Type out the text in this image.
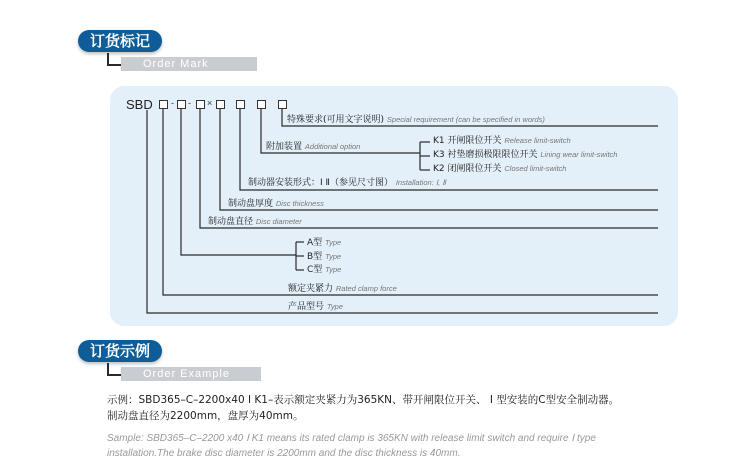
订货标记
Order Mark
SBD - - ×
特殊要求(可用文字说明) Special requirement (can be specified in words)
附加装置 Additional option
K1 开闸限位开关 Release limit-switch
K3 衬垫磨损极限限位开关 Lining wear limit-switch
K2 闭闸限位开关 Closed limit-switch
制动器安装形式：Ⅰ Ⅱ（参见尺寸图） Installation: Ⅰ, Ⅱ
制动盘厚度 Disc thickness
制动盘直径 Disc diameter
A型 Type
B型 Type
C型 Type
额定夹紧力 Rated clamp force
产品型号 Type
订货示例
Order Example
示例：SBD365–C–2200x40 Ⅰ K1–表示额定夹紧力为365KN、带开闸限位开关、 Ⅰ 型安装的C型安全制动器。
制动盘直径为2200mm，盘厚为40mm。
Sample: SBD365–C–2200 x40 Ⅰ K1 means its rated clamp is 365KN with release limit switch and require Ⅰ type
installation.The brake disc diameter is 2200mm and the disc thickness is 40mm.
